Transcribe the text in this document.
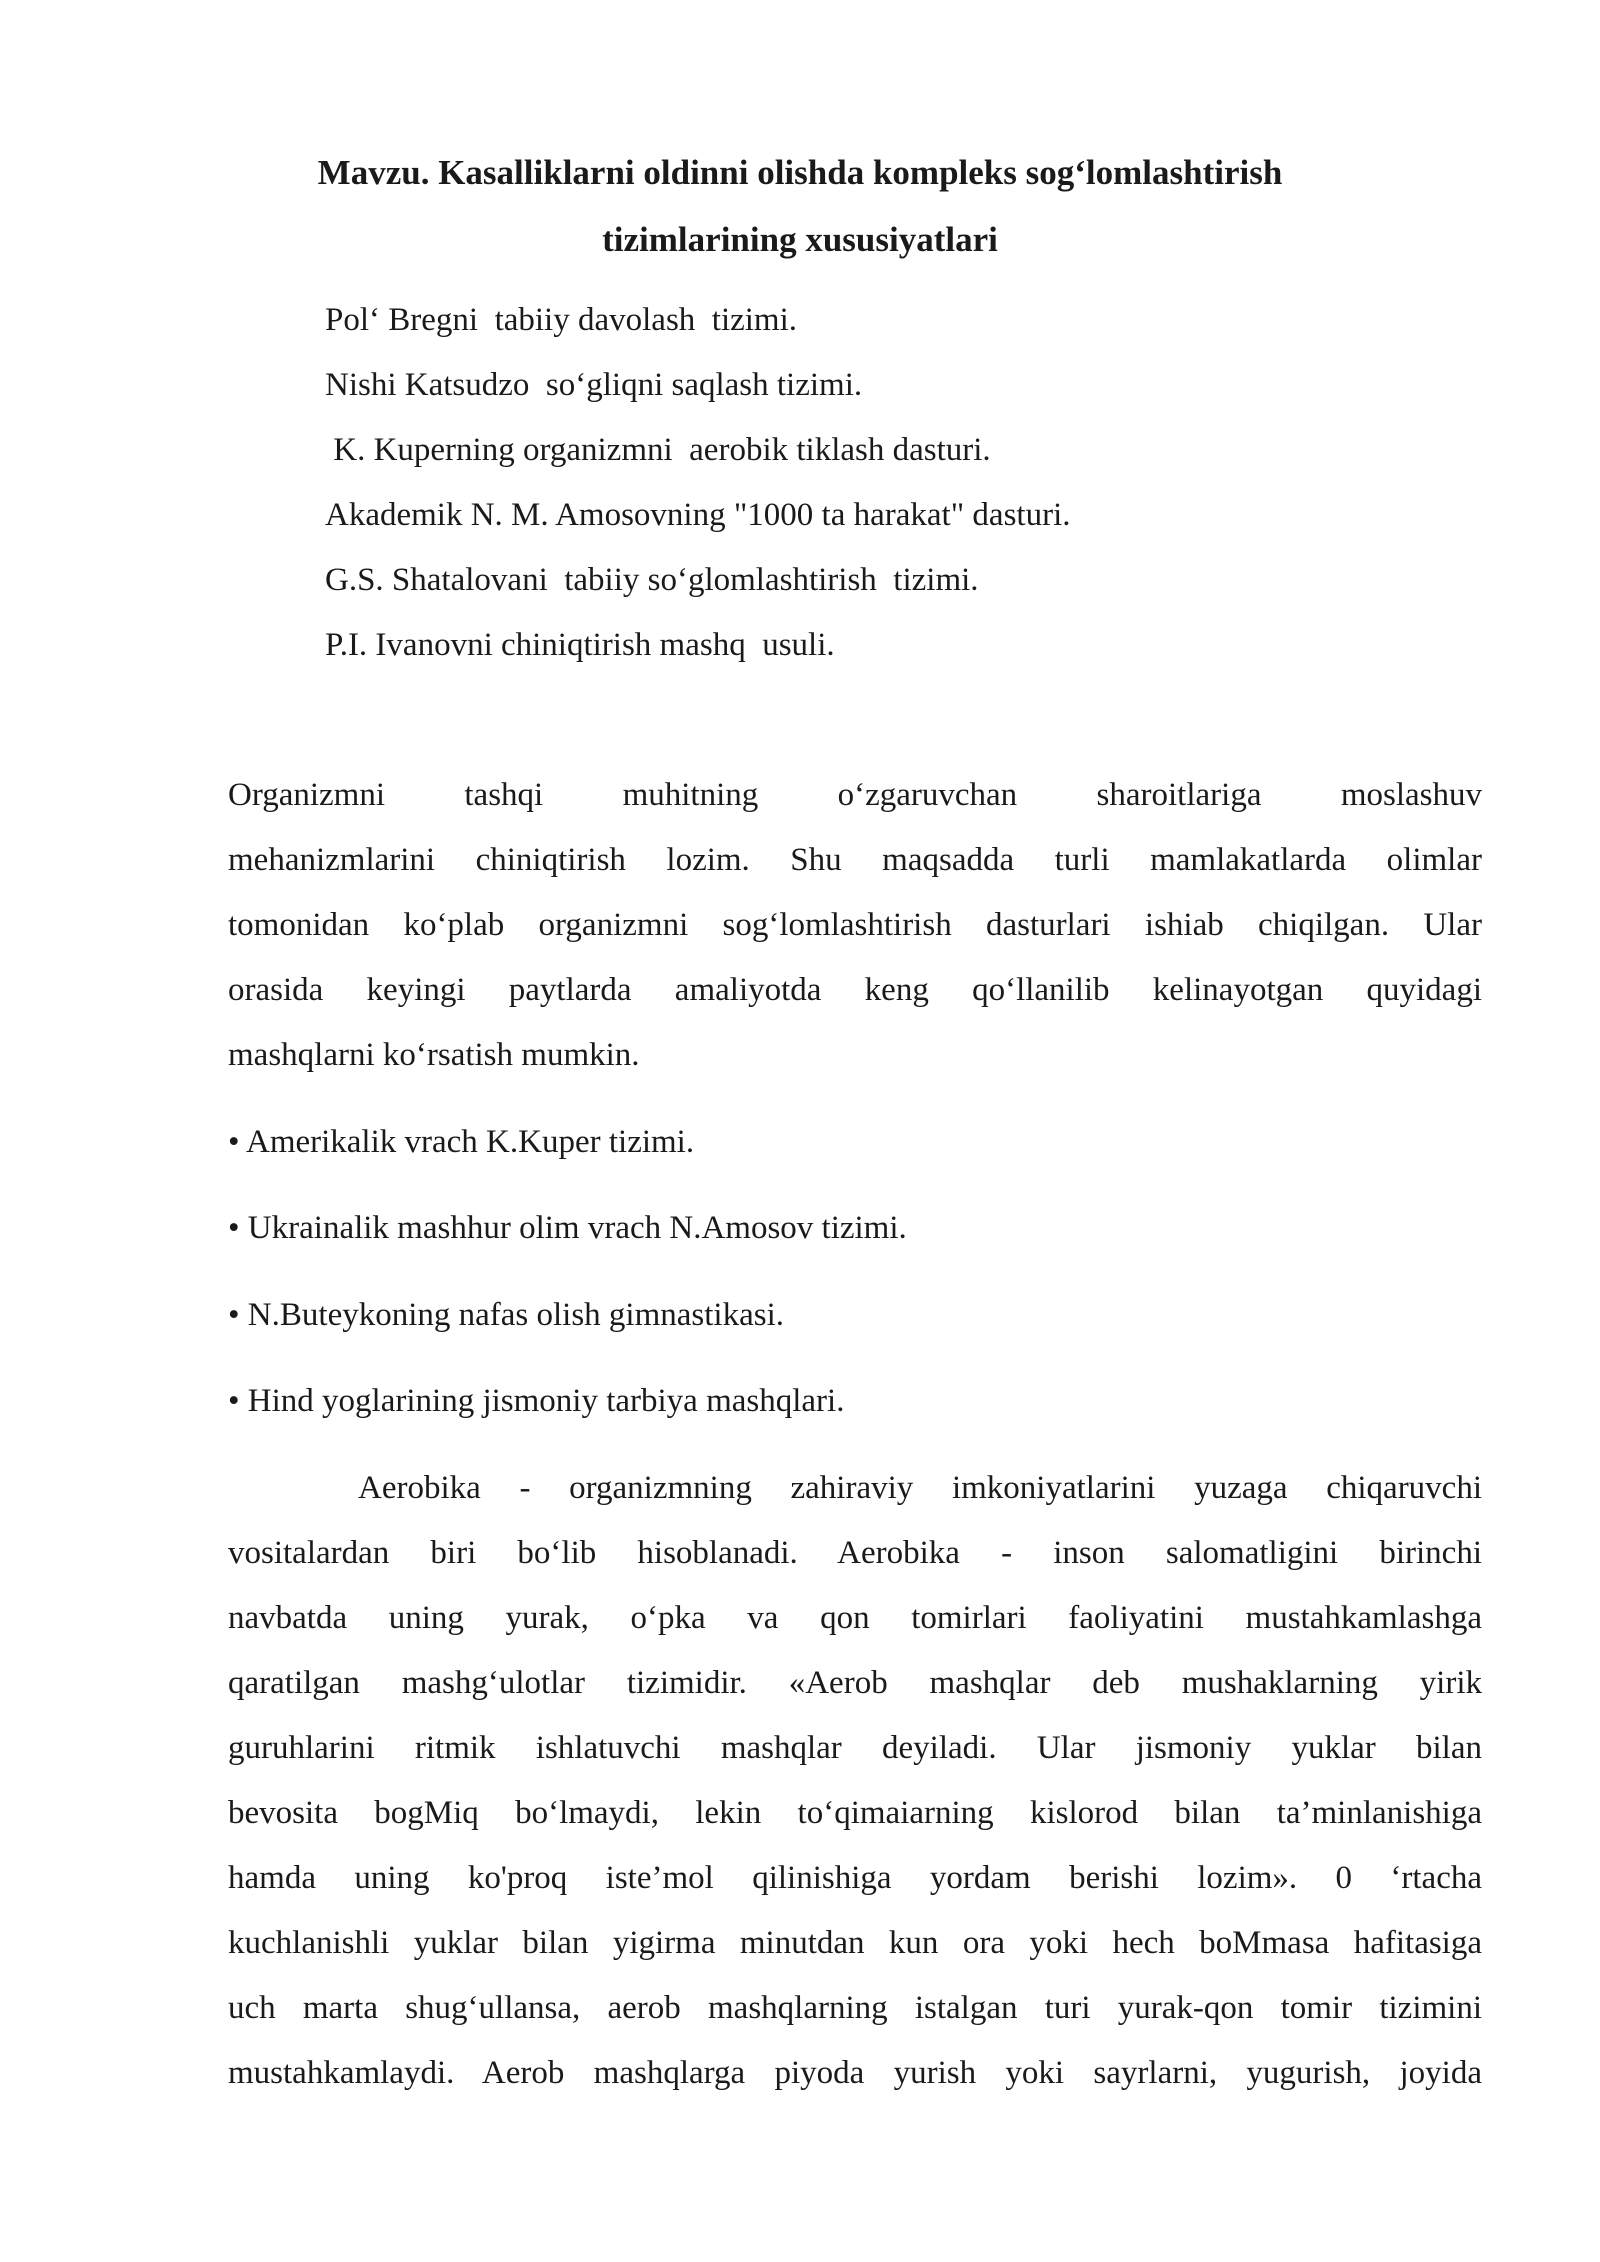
Mavzu. Kasalliklarni oldinni olishda kompleks sog‘lomlashtirish
tizimlarining xususiyatlari
Pol‘ Bregni  tabiiy davolash  tizimi.
Nishi Katsudzo  so‘gliqni saqlash tizimi.
K. Kuperning organizmni  aerobik tiklash dasturi.
Akademik N. M. Amosovning "1000 ta harakat" dasturi.
G.S. Shatalovani  tabiiy so‘glomlashtirish  tizimi.
P.I. Ivanovni chiniqtirish mashq  usuli.
Organizmni tashqi muhitning o‘zgaruvchan sharoitlariga moslashuv
mehanizmlarini chiniqtirish lozim. Shu maqsadda turli mamlakatlarda olimlar
tomonidan ko‘plab organizmni sog‘lomlashtirish dasturlari ishiab chiqilgan. Ular
orasida keyingi paytlarda amaliyotda keng qo‘llanilib kelinayotgan quyidagi
mashqlarni ko‘rsatish mumkin.

• Amerikalik vrach K.Kuper tizimi.

• Ukrainalik mashhur olim vrach N.Amosov tizimi.

• N.Buteykoning nafas olish gimnastikasi.

• Hind yoglarining jismoniy tarbiya mashqlari.

Aerobika - organizmning zahiraviy imkoniyatlarini yuzaga chiqaruvchi
vositalardan biri bo‘lib hisoblanadi. Aerobika - inson salomatligini birinchi
navbatda uning yurak, o‘pka va qon tomirlari faoliyatini mustahkamlashga
qaratilgan mashg‘ulotlar tizimidir. «Aerob mashqlar deb mushaklarning yirik
guruhlarini ritmik ishlatuvchi mashqlar deyiladi. Ular jismoniy yuklar bilan
bevosita bogMiq bo‘lmaydi, lekin to‘qimaiarning kislorod bilan ta’minlanishiga
hamda uning ko'proq iste’mol qilinishiga yordam berishi lozim». 0 ‘rtacha
kuchlanishli yuklar bilan yigirma minutdan kun ora yoki hech boMmasa hafitasiga
uch marta shug‘ullansa, aerob mashqlarning istalgan turi yurak-qon tomir tizimini
mustahkamlaydi. Aerob mashqlarga piyoda yurish yoki sayrlarni, yugurish, joyida
